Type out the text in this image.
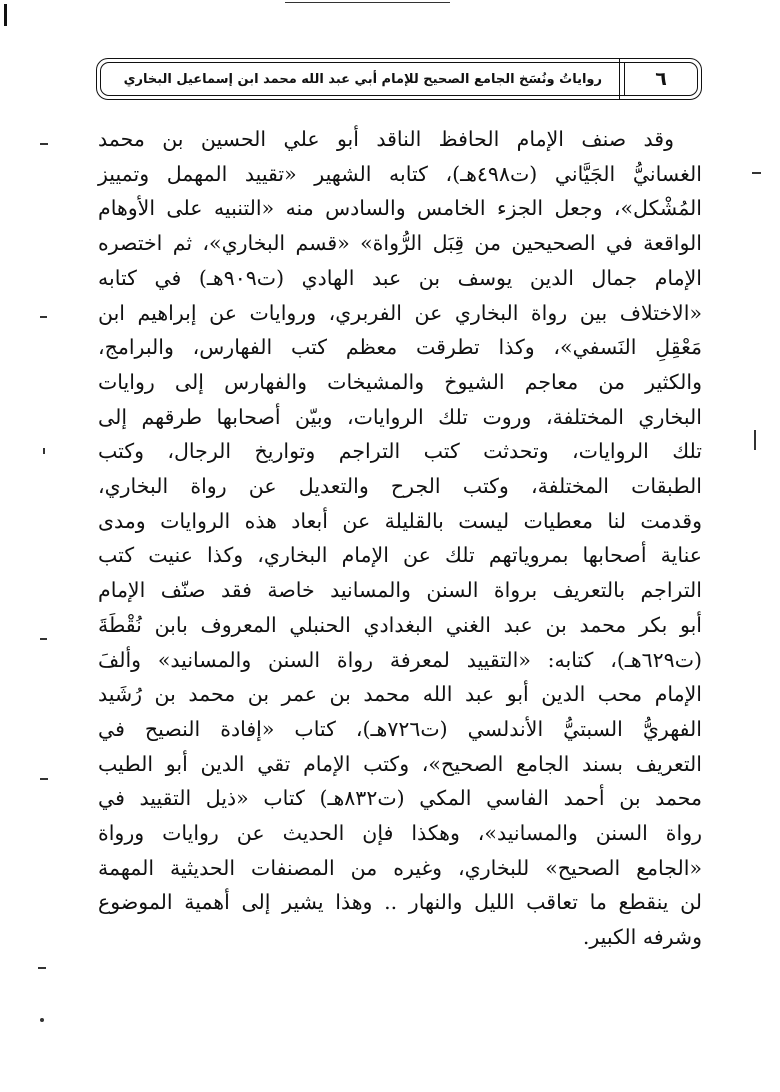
٦
رواياتُ ونُسَخ الجامع الصحيح للإمام أبي عبد الله محمد ابن إسماعيل البخاري
وقد صنف الإمام الحافظ الناقد أبو علي الحسين بن محمد
الغسانيُّ الجَيَّاني (ت٤٩٨هـ)، كتابه الشهير «تقييد المهمل وتمييز
المُشْكل»، وجعل الجزء الخامس والسادس منه «التنبيه على الأوهام
الواقعة في الصحيحين من قِبَل الرُّواة» «قسم البخاري»، ثم اختصره
الإمام جمال الدين يوسف بن عبد الهادي (ت٩٠٩هـ) في كتابه
«الاختلاف بين رواة البخاري عن الفربري، وروايات عن إبراهيم ابن
مَعْقِلِ النَسفي»، وكذا تطرقت معظم كتب الفهارس، والبرامج،
والكثير من معاجم الشيوخ والمشيخات والفهارس إلى روايات
البخاري المختلفة، وروت تلك الروايات، وبيّن أصحابها طرقهم إلى
تلك الروايات، وتحدثت كتب التراجم وتواريخ الرجال، وكتب
الطبقات المختلفة، وكتب الجرح والتعديل عن رواة البخاري،
وقدمت لنا معطيات ليست بالقليلة عن أبعاد هذه الروايات ومدى
عناية أصحابها بمروياتهم تلك عن الإمام البخاري، وكذا عنيت كتب
التراجم بالتعريف برواة السنن والمسانيد خاصة فقد صنّف الإمام
أبو بكر محمد بن عبد الغني البغدادي الحنبلي المعروف بابن نُقْطَةَ
(ت٦٢٩هـ)، كتابه: «التقييد لمعرفة رواة السنن والمسانيد» وألفَ
الإمام محب الدين أبو عبد الله محمد بن عمر بن محمد بن رُشَيد
الفهريُّ السبتيُّ الأندلسي (ت٧٢٦هـ)، كتاب «إفادة النصيح في
التعريف بسند الجامع الصحيح»، وكتب الإمام تقي الدين أبو الطيب
محمد بن أحمد الفاسي المكي (ت٨٣٢هـ) كتاب «ذيل التقييد في
رواة السنن والمسانيد»، وهكذا فإن الحديث عن روايات ورواة
«الجامع الصحيح» للبخاري، وغيره من المصنفات الحديثية المهمة
لن ينقطع ما تعاقب الليل والنهار .. وهذا يشير إلى أهمية الموضوع
وشرفه الكبير.
